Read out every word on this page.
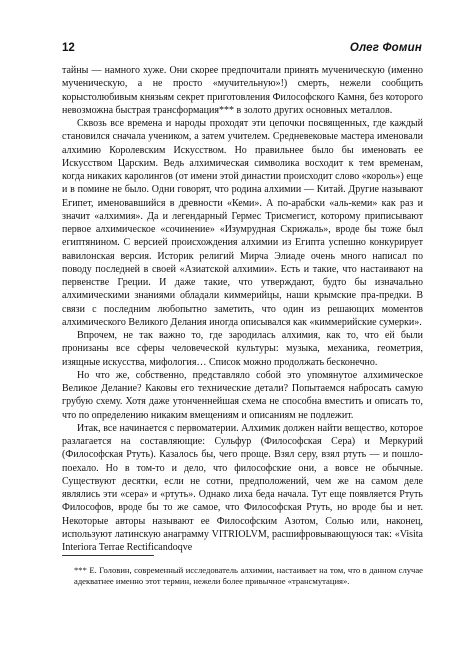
12	Олег Фомин

тайны — намного хуже. Они скорее предпочитали принять мученическую (именно мученическую, а не просто «мучительную»!) смерть, нежели сообщить корыстолюбивым князьям секрет приготовления Философского Камня, без которого невозможна быстрая трансформация*** в золото других основных металлов.

Сквозь все времена и народы проходят эти цепочки посвященных, где каждый становился сначала учеником, а затем учителем. Средневековые мастера именовали алхимию Королевским Искусством. Но правильнее было бы именовать ее Искусством Царским. Ведь алхимическая символика восходит к тем временам, когда никаких каролингов (от имени этой династии происходит слово «король») еще и в помине не было. Одни говорят, что родина алхимии — Китай. Другие называют Египет, именовавшийся в древности «Кеми». А по-арабски «аль-кеми» как раз и значит «алхимия». Да и легендарный Гермес Трисмегист, которому приписывают первое алхимическое «сочинение» «Изумрудная Скрижаль», вроде бы тоже был египтянином. С версией происхождения алхимии из Египта успешно конкурирует вавилонская версия. Историк религий Мирча Элиаде очень много написал по поводу последней в своей «Азиатской алхимии». Есть и такие, что настаивают на первенстве Греции. И даже такие, что утверждают, будто бы изначально алхимическими знаниями обладали киммерийцы, наши крымские пра-предки. В связи с последним любопытно заметить, что один из решающих моментов алхимического Великого Делания иногда описывался как «киммерийские сумерки».

Впрочем, не так важно то, где зародилась алхимия, как то, что ей были пронизаны все сферы человеческой культуры: музыка, механика, геометрия, изящные искусства, мифология… Список можно продолжать бесконечно.

Но что же, собственно, представляло собой это упомянутое алхимическое Великое Делание? Каковы его технические детали? Попытаемся набросать самую грубую схему. Хотя даже утонченнейшая схема не способна вместить и описать то, что по определению никаким вмещениям и описаниям не подлежит.

Итак, все начинается с первоматерии. Алхимик должен найти вещество, которое разлагается на составляющие: Сульфур (Философская Сера) и Меркурий (Философская Ртуть). Казалось бы, чего проще. Взял серу, взял ртуть — и пошло-поехало. Но в том-то и дело, что философские они, а вовсе не обычные. Существуют десятки, если не сотни, предположений, чем же на самом деле являлись эти «сера» и «ртуть». Однако лиха беда начала. Тут еще появляется Ртуть Философов, вроде бы то же самое, что Философская Ртуть, но вроде бы и нет. Некоторые авторы называют ее Философским Азотом, Солью или, наконец, используют латинскую анаграмму VITRIOLVM, расшифровывающуюся так: «Visita Interiora Terrae Rectificandoqve

*** Е. Головин, современный исследователь алхимии, настаивает на том, что в данном случае адекватнее именно этот термин, нежели более привычное «трансмутация».
